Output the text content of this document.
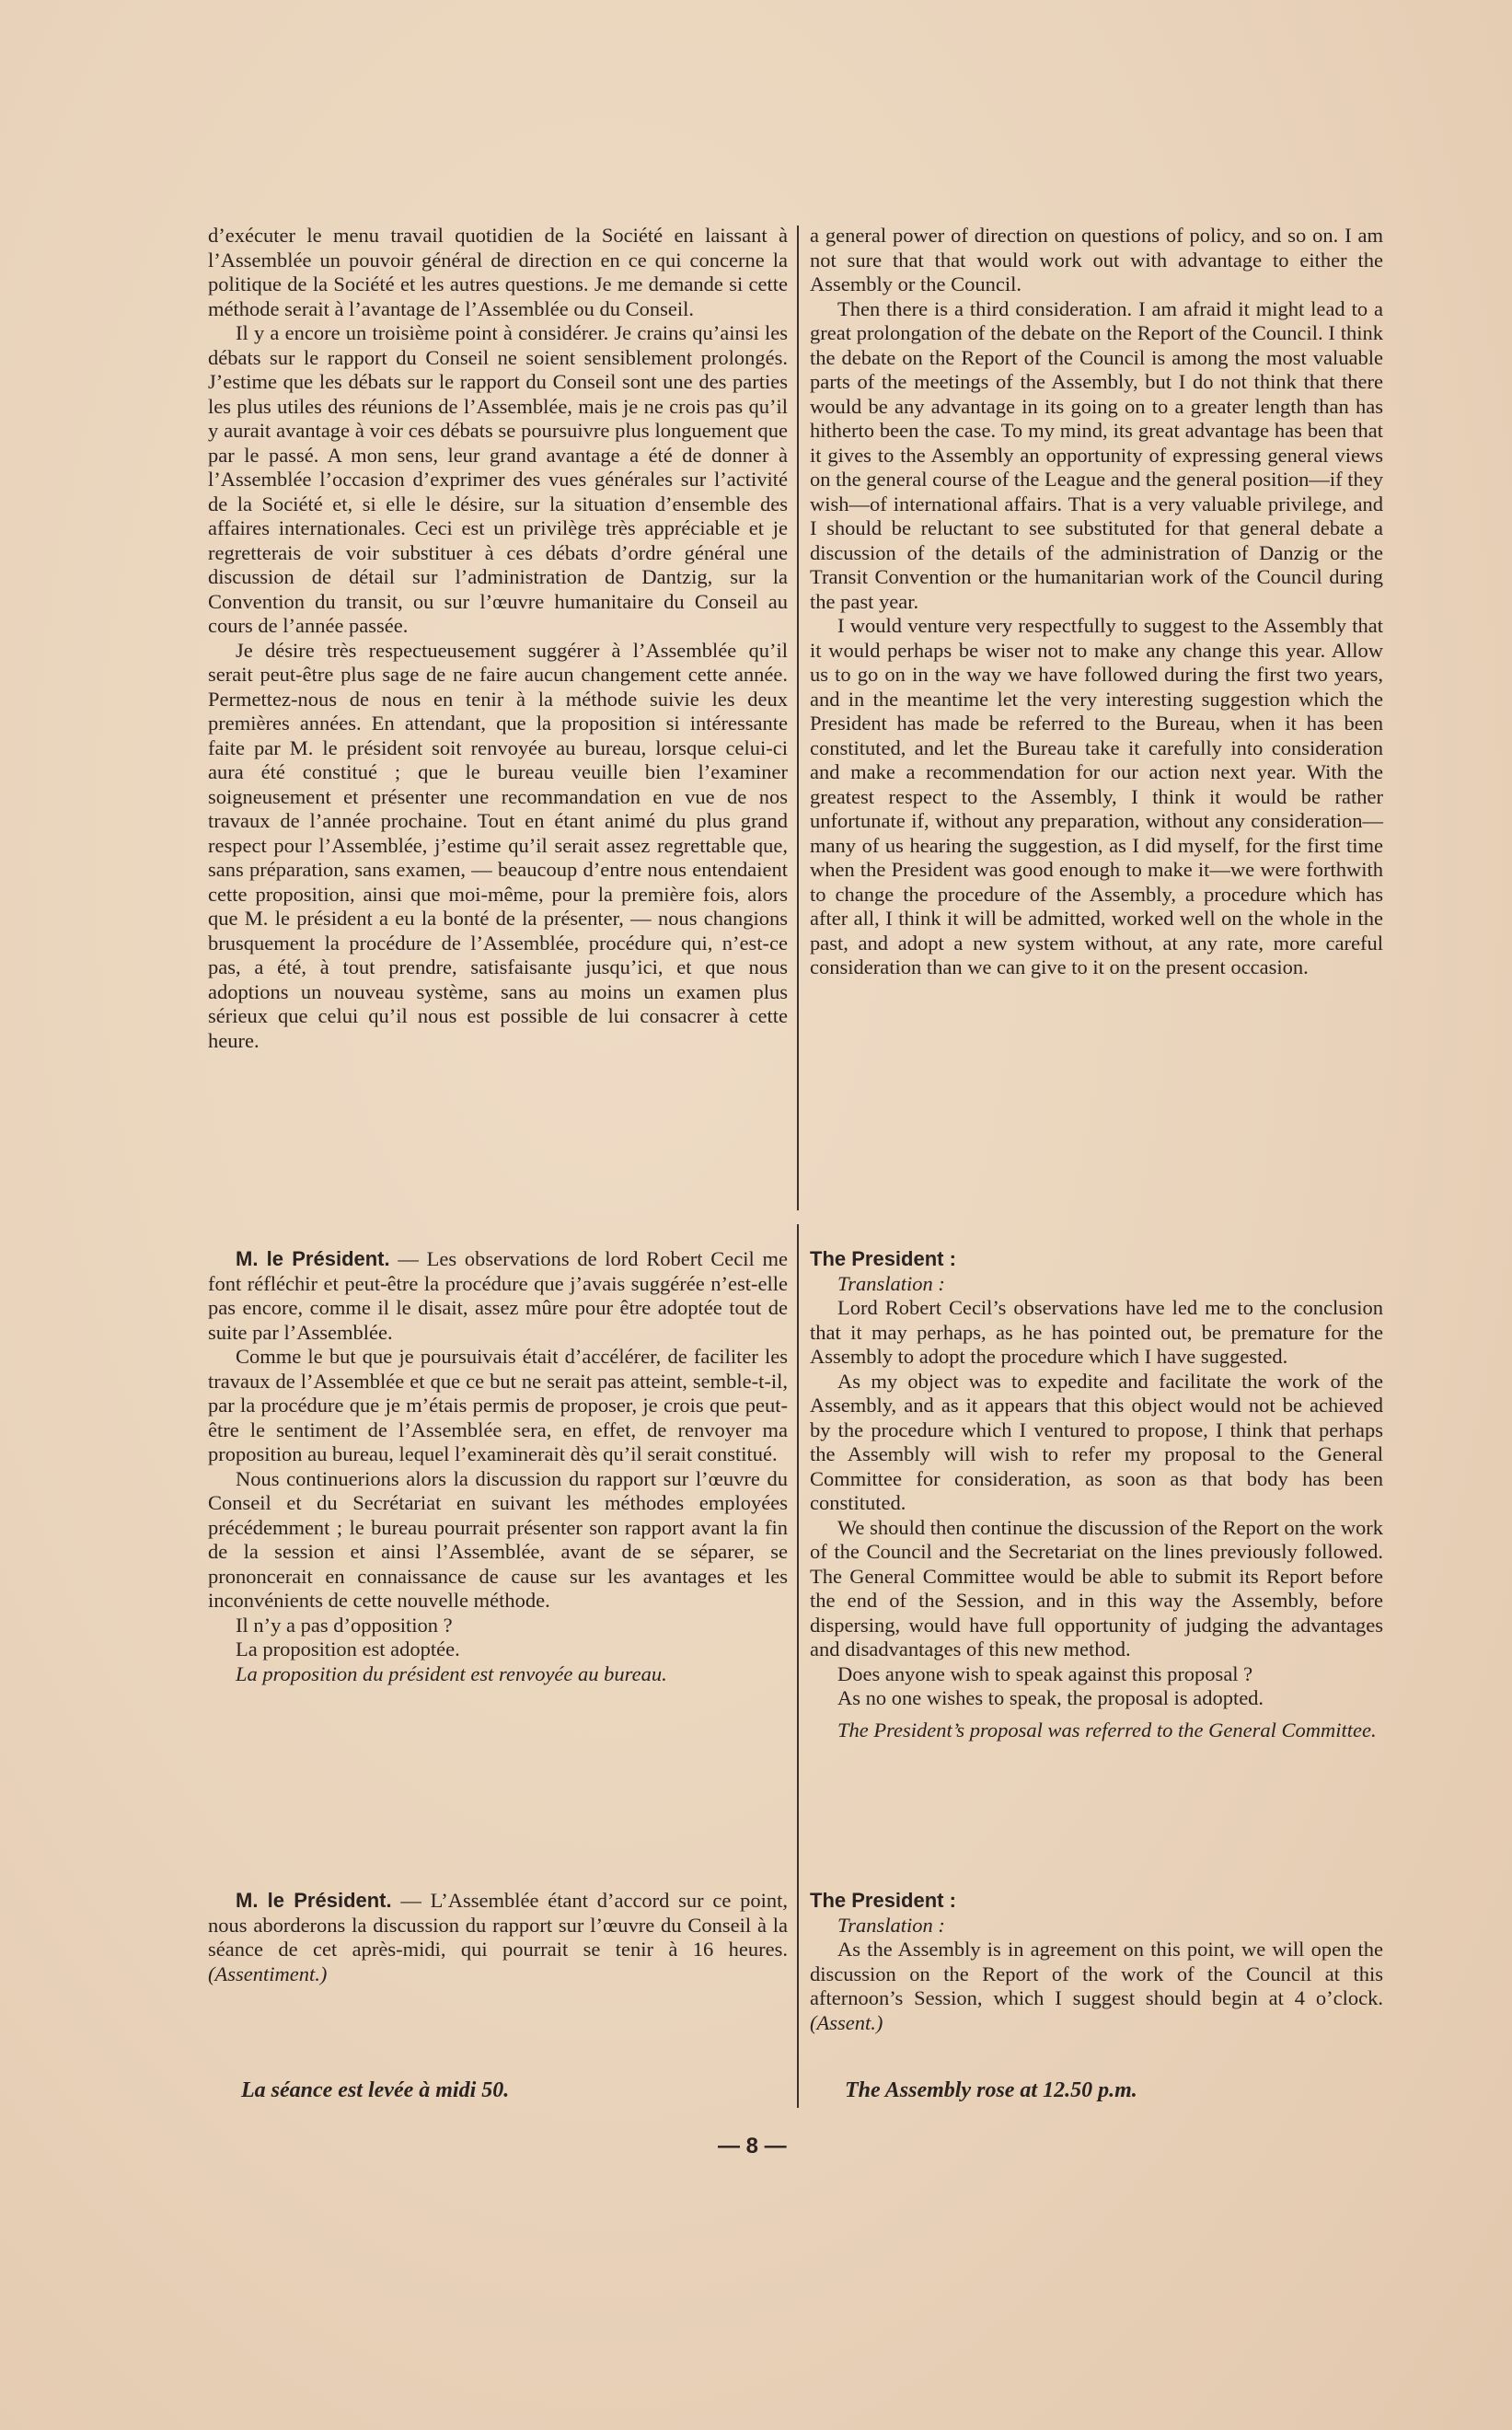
d’exécuter le menu travail quotidien de la Société en laissant à l’Assemblée un pouvoir général de direction en ce qui concerne la politique de la Société et les autres questions. Je me demande si cette méthode serait à l’avantage de l’Assemblée ou du Conseil.

Il y a encore un troisième point à considérer. Je crains qu’ainsi les débats sur le rapport du Conseil ne soient sensiblement prolongés. J’estime que les débats sur le rapport du Conseil sont une des parties les plus utiles des réunions de l’Assemblée, mais je ne crois pas qu’il y aurait avantage à voir ces débats se poursuivre plus longuement que par le passé. A mon sens, leur grand avantage a été de donner à l’Assemblée l’occasion d’exprimer des vues générales sur l’activité de la Société et, si elle le désire, sur la situation d’ensemble des affaires internationales. Ceci est un privilège très appréciable et je regretterais de voir substituer à ces débats d’ordre général une discussion de détail sur l’administration de Dantzig, sur la Convention du transit, ou sur l’œuvre humanitaire du Conseil au cours de l’année passée.

Je désire très respectueusement suggérer à l’Assemblée qu’il serait peut-être plus sage de ne faire aucun changement cette année. Permettez-nous de nous en tenir à la méthode suivie les deux premières années. En attendant, que la proposition si intéressante faite par M. le président soit renvoyée au bureau, lorsque celui-ci aura été constitué ; que le bureau veuille bien l’examiner soigneusement et présenter une recommandation en vue de nos travaux de l’année prochaine. Tout en étant animé du plus grand respect pour l’Assemblée, j’estime qu’il serait assez regrettable que, sans préparation, sans examen, — beaucoup d’entre nous entendaient cette proposition, ainsi que moi-même, pour la première fois, alors que M. le président a eu la bonté de la présenter, — nous changions brusquement la procédure de l’Assemblée, procédure qui, n’est-ce pas, a été, à tout prendre, satisfaisante jusqu’ici, et que nous adoptions un nouveau système, sans au moins un examen plus sérieux que celui qu’il nous est possible de lui consacrer à cette heure.

a general power of direction on questions of policy, and so on. I am not sure that that would work out with advantage to either the Assembly or the Council.

Then there is a third consideration. I am afraid it might lead to a great prolongation of the debate on the Report of the Council. I think the debate on the Report of the Council is among the most valuable parts of the meetings of the Assembly, but I do not think that there would be any advantage in its going on to a greater length than has hitherto been the case. To my mind, its great advantage has been that it gives to the Assembly an opportunity of expressing general views on the general course of the League and the general position—if they wish—of international affairs. That is a very valuable privilege, and I should be reluctant to see substituted for that general debate a discussion of the details of the administration of Danzig or the Transit Convention or the humanitarian work of the Council during the past year.

I would venture very respectfully to suggest to the Assembly that it would perhaps be wiser not to make any change this year. Allow us to go on in the way we have followed during the first two years, and in the meantime let the very interesting suggestion which the President has made be referred to the Bureau, when it has been constituted, and let the Bureau take it carefully into consideration and make a recommendation for our action next year. With the greatest respect to the Assembly, I think it would be rather unfortunate if, without any preparation, without any consideration—many of us hearing the suggestion, as I did myself, for the first time when the President was good enough to make it—we were forthwith to change the procedure of the Assembly, a procedure which has after all, I think it will be admitted, worked well on the whole in the past, and adopt a new system without, at any rate, more careful consideration than we can give to it on the present occasion.

M. le Président. — Les observations de lord Robert Cecil me font réfléchir et peut-être la procédure que j’avais suggérée n’est-elle pas encore, comme il le disait, assez mûre pour être adoptée tout de suite par l’Assemblée.

Comme le but que je poursuivais était d’accélérer, de faciliter les travaux de l’Assemblée et que ce but ne serait pas atteint, semble-t-il, par la procédure que je m’étais permis de proposer, je crois que peut-être le sentiment de l’Assemblée sera, en effet, de renvoyer ma proposition au bureau, lequel l’examinerait dès qu’il serait constitué.

Nous continuerions alors la discussion du rapport sur l’œuvre du Conseil et du Secrétariat en suivant les méthodes employées précédemment ; le bureau pourrait présenter son rapport avant la fin de la session et ainsi l’Assemblée, avant de se séparer, se prononcerait en connaissance de cause sur les avantages et les inconvénients de cette nouvelle méthode.

Il n’y a pas d’opposition ?

La proposition est adoptée.

La proposition du président est renvoyée au bureau.

The President :

Translation :

Lord Robert Cecil’s observations have led me to the conclusion that it may perhaps, as he has pointed out, be premature for the Assembly to adopt the procedure which I have suggested.

As my object was to expedite and facilitate the work of the Assembly, and as it appears that this object would not be achieved by the procedure which I ventured to propose, I think that perhaps the Assembly will wish to refer my proposal to the General Committee for consideration, as soon as that body has been constituted.

We should then continue the discussion of the Report on the work of the Council and the Secretariat on the lines previously followed. The General Committee would be able to submit its Report before the end of the Session, and in this way the Assembly, before dispersing, would have full opportunity of judging the advantages and disadvantages of this new method.

Does anyone wish to speak against this proposal ?

As no one wishes to speak, the proposal is adopted.

The President’s proposal was referred to the General Committee.

M. le Président. — L’Assemblée étant d’accord sur ce point, nous aborderons la discussion du rapport sur l’œuvre du Conseil à la séance de cet après-midi, qui pourrait se tenir à 16 heures. (Assentiment.)

La séance est levée à midi 50.

The President :

Translation :

As the Assembly is in agreement on this point, we will open the discussion on the Report of the work of the Council at this afternoon’s Session, which I suggest should begin at 4 o’clock. (Assent.)

The Assembly rose at 12.50 p.m.
— 8 —
